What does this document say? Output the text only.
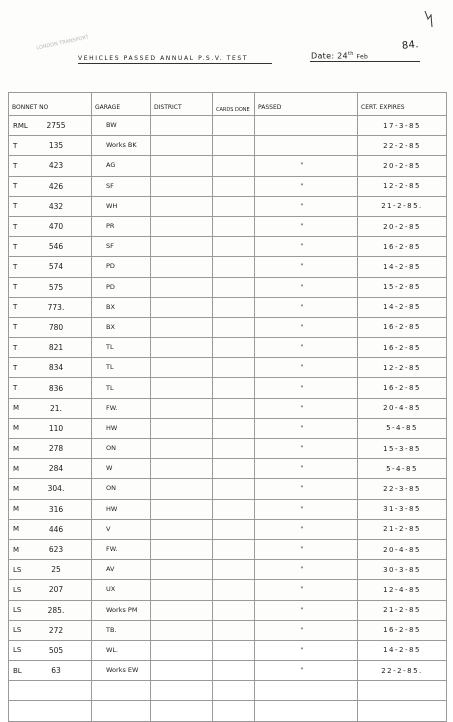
LONDON TRANSPORT
VEHICLES PASSED ANNUAL P.S.V. TEST	Date: 24th Feb
84.
BONNET NO	GARAGE	DISTRICT	CARDS DONE	PASSED	CERT. EXPIRES

RML 2755	BW				17-3-85

T 135	Works BK				22-2-85

T 423	AG			"	20-2-85

T 426	SF			"	12-2-85

T 432	WH			"	21-2-85.

T 470	PR			"	20-2-85

T 546	SF			"	16-2-85

T 574	PD			"	14-2-85

T 575	PD			"	15-2-85

T 773.	BX			"	14-2-85

T 780	BX			"	16-2-85

T 821	TL			"	16-2-85

T 834	TL			"	12-2-85

T 836	TL			"	16-2-85

M 21.	FW.			"	20-4-85

M 110	HW			"	5-4-85

M 278	ON			"	15-3-85

M 284	W			"	5-4-85

M 304.	ON			"	22-3-85

M 316	HW			"	31-3-85

M 446	V			"	21-2-85

M 623	FW.			"	20-4-85

LS 25	AV			"	30-3-85

LS 207	UX			"	12-4-85

LS 285.	Works PM			"	21-2-85

LS 272	TB.			"	16-2-85

LS 505	WL.			"	14-2-85

BL 63	Works EW			"	22-2-85.
